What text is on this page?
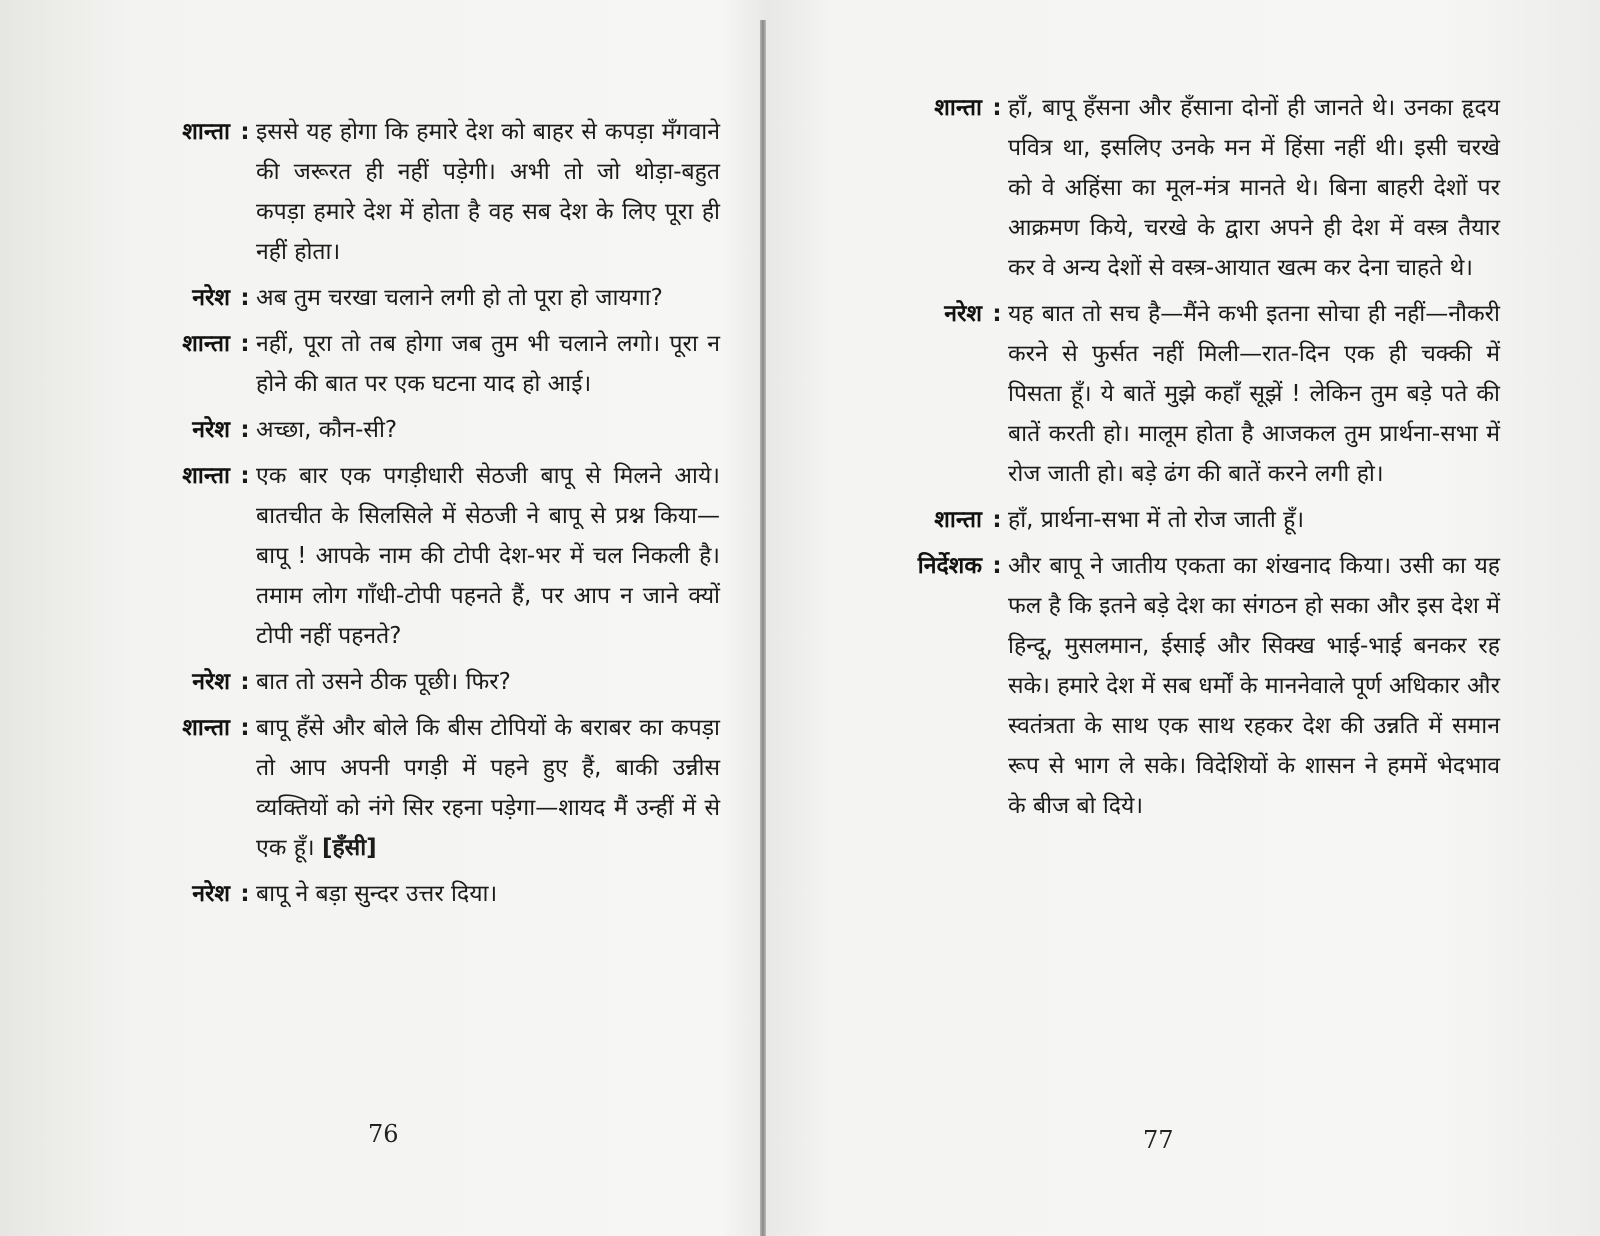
शान्ता : इससे यह होगा कि हमारे देश को बाहर से कपड़ा मँगवाने की जरूरत ही नहीं पड़ेगी। अभी तो जो थोड़ा-बहुत कपड़ा हमारे देश में होता है वह सब देश के लिए पूरा ही नहीं होता।
नरेश : अब तुम चरखा चलाने लगी हो तो पूरा हो जायगा?
शान्ता : नहीं, पूरा तो तब होगा जब तुम भी चलाने लगो। पूरा न होने की बात पर एक घटना याद हो आई।
नरेश : अच्छा, कौन-सी?
शान्ता : एक बार एक पगड़ीधारी सेठजी बापू से मिलने आये। बातचीत के सिलसिले में सेठजी ने बापू से प्रश्न किया—बापू ! आपके नाम की टोपी देश-भर में चल निकली है। तमाम लोग गाँधी-टोपी पहनते हैं, पर आप न जाने क्यों टोपी नहीं पहनते?
नरेश : बात तो उसने ठीक पूछी। फिर?
शान्ता : बापू हँसे और बोले कि बीस टोपियों के बराबर का कपड़ा तो आप अपनी पगड़ी में पहने हुए हैं, बाकी उन्नीस व्यक्तियों को नंगे सिर रहना पड़ेगा—शायद मैं उन्हीं में से एक हूँ। [हँसी]
नरेश : बापू ने बड़ा सुन्दर उत्तर दिया।
76
शान्ता : हाँ, बापू हँसना और हँसाना दोनों ही जानते थे। उनका हृदय पवित्र था, इसलिए उनके मन में हिंसा नहीं थी। इसी चरखे को वे अहिंसा का मूल-मंत्र मानते थे। बिना बाहरी देशों पर आक्रमण किये, चरखे के द्वारा अपने ही देश में वस्त्र तैयार कर वे अन्य देशों से वस्त्र-आयात खत्म कर देना चाहते थे।
नरेश : यह बात तो सच है—मैंने कभी इतना सोचा ही नहीं—नौकरी करने से फुर्सत नहीं मिली—रात-दिन एक ही चक्की में पिसता हूँ। ये बातें मुझे कहाँ सूझें ! लेकिन तुम बड़े पते की बातें करती हो। मालूम होता है आजकल तुम प्रार्थना-सभा में रोज जाती हो। बड़े ढंग की बातें करने लगी हो।
शान्ता : हाँ, प्रार्थना-सभा में तो रोज जाती हूँ।
निर्देशक : और बापू ने जातीय एकता का शंखनाद किया। उसी का यह फल है कि इतने बड़े देश का संगठन हो सका और इस देश में हिन्दू, मुसलमान, ईसाई और सिक्ख भाई-भाई बनकर रह सके। हमारे देश में सब धर्मों के माननेवाले पूर्ण अधिकार और स्वतंत्रता के साथ एक साथ रहकर देश की उन्नति में समान रूप से भाग ले सके। विदेशियों के शासन ने हममें भेदभाव के बीज बो दिये।
77
